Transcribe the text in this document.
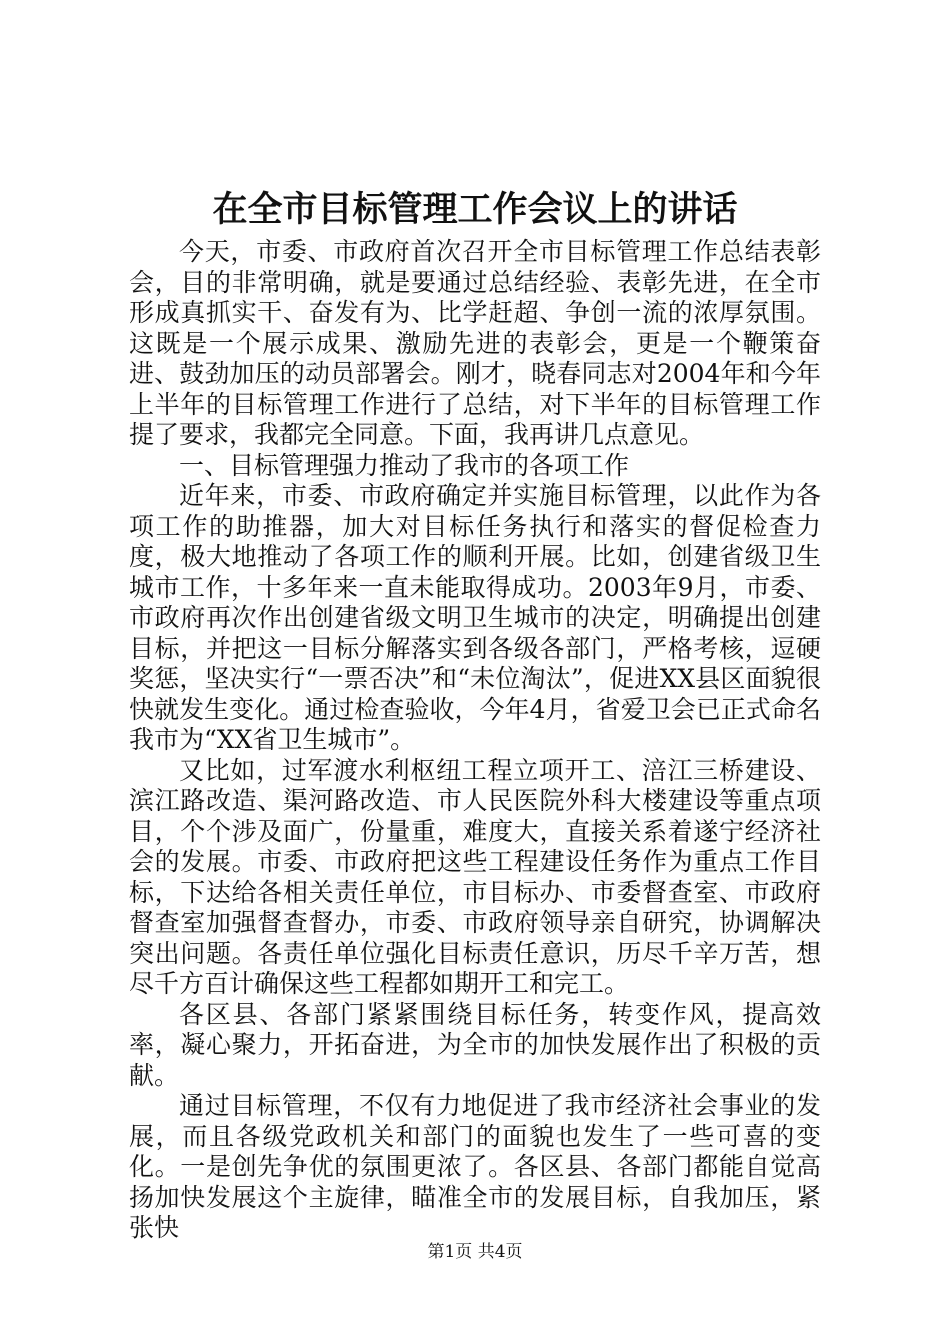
在全市目标管理工作会议上的讲话

今天，市委、市政府首次召开全市目标管理工作总结表彰会，目的非常明确，就是要通过总结经验、表彰先进，在全市形成真抓实干、奋发有为、比学赶超、争创一流的浓厚氛围。这既是一个展示成果、激励先进的表彰会，更是一个鞭策奋进、鼓劲加压的动员部署会。刚才，晓春同志对2004年和今年上半年的目标管理工作进行了总结，对下半年的目标管理工作提了要求，我都完全同意。下面，我再讲几点意见。

一、目标管理强力推动了我市的各项工作

近年来，市委、市政府确定并实施目标管理，以此作为各项工作的助推器，加大对目标任务执行和落实的督促检查力度，极大地推动了各项工作的顺利开展。比如，创建省级卫生城市工作，十多年来一直未能取得成功。2003年9月，市委、市政府再次作出创建省级文明卫生城市的决定，明确提出创建目标，并把这一目标分解落实到各级各部门，严格考核，逗硬奖惩，坚决实行“一票否决”和“未位淘汰”，促进XX县区面貌很快就发生变化。通过检查验收，今年4月，省爱卫会已正式命名我市为“XX省卫生城市”。

又比如，过军渡水利枢纽工程立项开工、涪江三桥建设、滨江路改造、渠河路改造、市人民医院外科大楼建设等重点项目，个个涉及面广，份量重，难度大，直接关系着遂宁经济社会的发展。市委、市政府把这些工程建设任务作为重点工作目标，下达给各相关责任单位，市目标办、市委督查室、市政府督查室加强督查督办，市委、市政府领导亲自研究，协调解决突出问题。各责任单位强化目标责任意识，历尽千辛万苦，想尽千方百计确保这些工程都如期开工和完工。

各区县、各部门紧紧围绕目标任务，转变作风，提高效率，凝心聚力，开拓奋进，为全市的加快发展作出了积极的贡献。

通过目标管理，不仅有力地促进了我市经济社会事业的发展，而且各级党政机关和部门的面貌也发生了一些可喜的变化。一是创先争优的氛围更浓了。各区县、各部门都能自觉高扬加快发展这个主旋律，瞄准全市的发展目标，自我加压，紧张快

第1页 共4页
